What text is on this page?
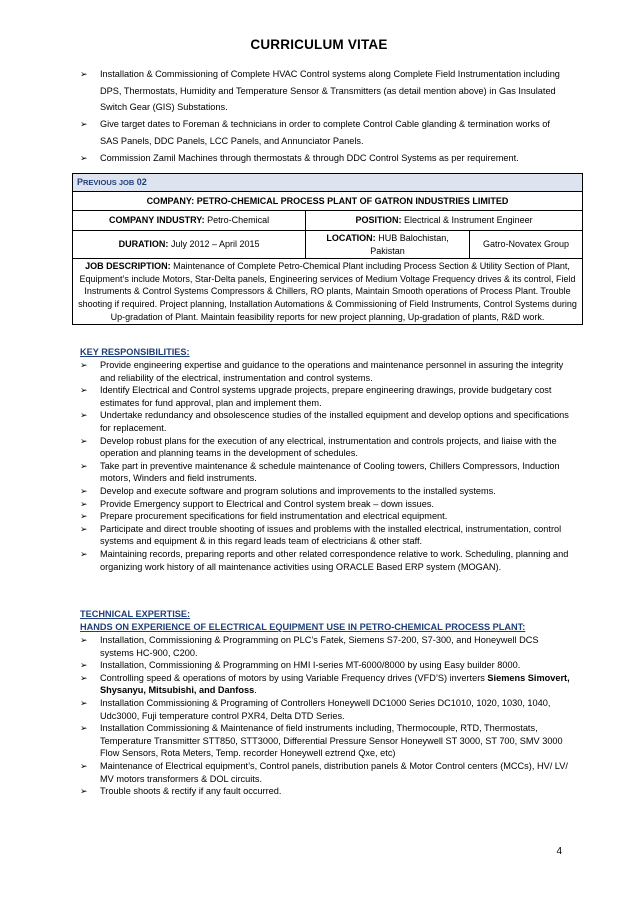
CURRICULUM VITAE
➢ Installation & Commissioning of Complete HVAC Control systems along Complete Field Instrumentation including DPS, Thermostats, Humidity and Temperature Sensor & Transmitters (as detail mention above) in Gas Insulated Switch Gear (GIS) Substations.
➢ Give target dates to Foreman & technicians in order to complete Control Cable glanding & termination works of SAS Panels, DDC Panels, LCC Panels, and Annunciator Panels.
➢ Commission Zamil Machines through thermostats & through DDC Control Systems as per requirement.
PREVIOUS JOB 02		
COMPANY: PETRO-CHEMICAL PROCESS PLANT OF GATRON INDUSTRIES LIMITED		
COMPANY INDUSTRY: Petro-Chemical	POSITION: Electrical & Instrument Engineer	
DURATION: July 2012 – April 2015	LOCATION: HUB Balochistan, Pakistan	Gatro-Novatex Group
JOB DESCRIPTION: Maintenance of Complete Petro-Chemical Plant including Process Section & Utility Section of Plant, Equipment’s include Motors, Star-Delta panels, Engineering services of Medium Voltage Frequency drives & its control, Field Instruments & Control Systems Compressors & Chillers, RO plants, Maintain Smooth operations of Process Plant. Trouble shooting if required. Project planning, Installation Automations & Commissioning of Field Instruments, Control Systems during Up-gradation of Plant. Maintain feasibility reports for new project planning, Up-gradation of plants, R&D work.		
KEY RESPONSIBILITIES:
➢ Provide engineering expertise and guidance to the operations and maintenance personnel in assuring the integrity and reliability of the electrical, instrumentation and control systems.
➢ Identify Electrical and Control systems upgrade projects, prepare engineering drawings, provide budgetary cost estimates for fund approval, plan and implement them.
➢ Undertake redundancy and obsolescence studies of the installed equipment and develop options and specifications for replacement.
➢ Develop robust plans for the execution of any electrical, instrumentation and controls projects, and liaise with the operation and planning teams in the development of schedules.
➢ Take part in preventive maintenance & schedule maintenance of Cooling towers, Chillers Compressors, Induction motors, Winders and field instruments.
➢ Develop and execute software and program solutions and improvements to the installed systems.
➢ Provide Emergency support to Electrical and Control system break – down issues.
➢ Prepare procurement specifications for field instrumentation and electrical equipment.
➢ Participate and direct trouble shooting of issues and problems with the installed electrical, instrumentation, control systems and equipment & in this regard leads team of electricians & other staff.
➢ Maintaining records, preparing reports and other related correspondence relative to work. Scheduling, planning and organizing work history of all maintenance activities using ORACLE Based ERP system (MOGAN).
TECHNICAL EXPERTISE:
HANDS ON EXPERIENCE OF ELECTRICAL EQUIPMENT USE IN PETRO-CHEMICAL PROCESS PLANT:
➢ Installation, Commissioning & Programming on PLC’s Fatek, Siemens S7-200, S7-300, and Honeywell DCS systems HC-900, C200.
➢ Installation, Commissioning & Programming on HMI I-series MT-6000/8000 by using Easy builder 8000.
➢ Controlling speed & operations of motors by using Variable Frequency drives (VFD’S) inverters Siemens Simovert, Shysanyu, Mitsubishi, and Danfoss.
➢ Installation Commissioning & Programing of Controllers Honeywell DC1000 Series DC1010, 1020, 1030, 1040, Udc3000, Fuji temperature control PXR4, Delta DTD Series.
➢ Installation Commissioning & Maintenance of field instruments including, Thermocouple, RTD, Thermostats, Temperature Transmitter STT850, STT3000, Differential Pressure Sensor Honeywell ST 3000, ST 700, SMV 3000 Flow Sensors, Rota Meters, Temp. recorder Honeywell eztrend Qxe, etc)
➢ Maintenance of Electrical equipment’s, Control panels, distribution panels & Motor Control centers (MCCs), HV/ LV/ MV motors transformers & DOL circuits.
➢ Trouble shoots & rectify if any fault occurred.
4
